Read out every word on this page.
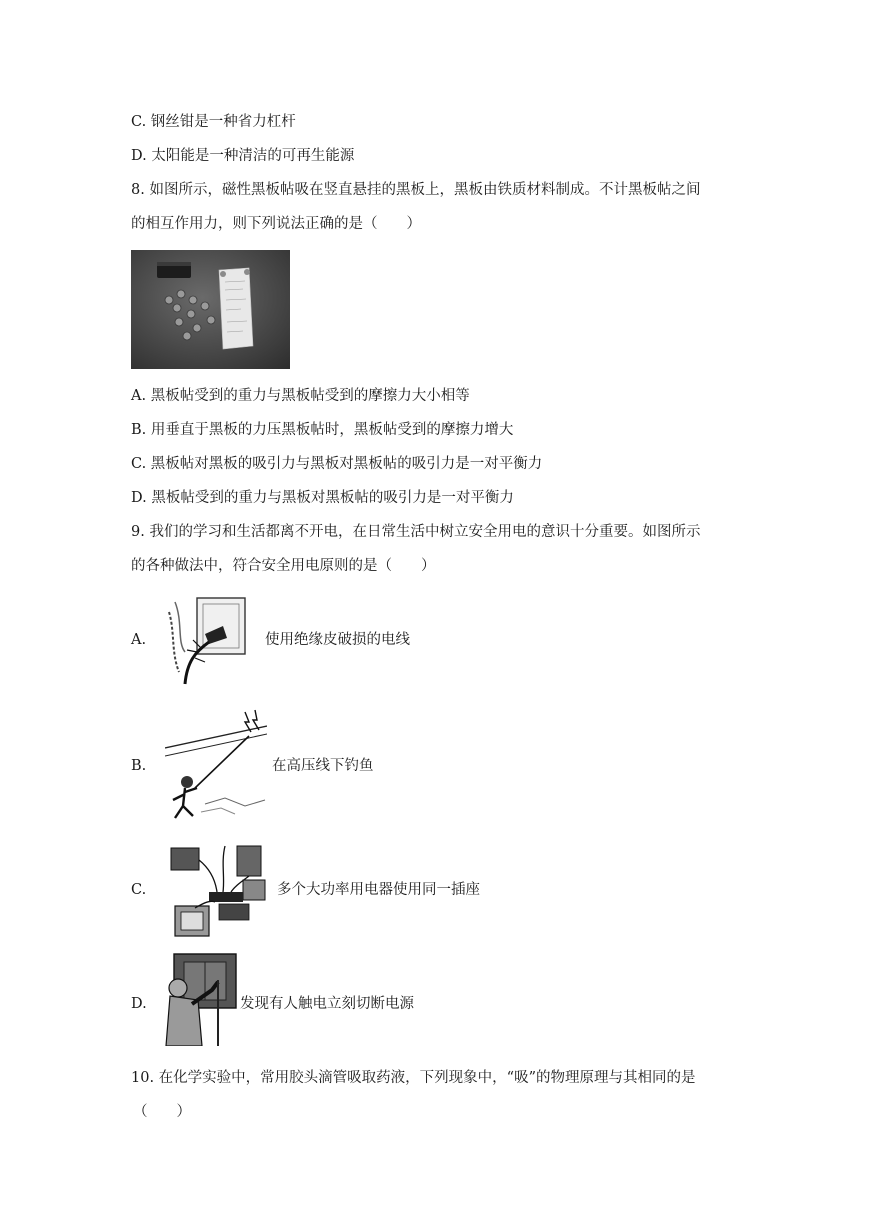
C. 钢丝钳是一种省力杠杆
D. 太阳能是一种清洁的可再生能源
8. 如图所示，磁性黑板帖吸在竖直悬挂的黑板上，黑板由铁质材料制成。不计黑板帖之间
的相互作用力，则下列说法正确的是（　　）
A. 黑板帖受到的重力与黑板帖受到的摩擦力大小相等
B. 用垂直于黑板的力压黑板帖时，黑板帖受到的摩擦力增大
C. 黑板帖对黑板的吸引力与黑板对黑板帖的吸引力是一对平衡力
D. 黑板帖受到的重力与黑板对黑板帖的吸引力是一对平衡力
9. 我们的学习和生活都离不开电，在日常生活中树立安全用电的意识十分重要。如图所示
的各种做法中，符合安全用电原则的是（　　）
A.	使用绝缘皮破损的电线
B.	在高压线下钓鱼
C.	多个大功率用电器使用同一插座
D.	发现有人触电立刻切断电源
10. 在化学实验中，常用胶头滴管吸取药液，下列现象中，“吸”的物理原理与其相同的是
（　　）
